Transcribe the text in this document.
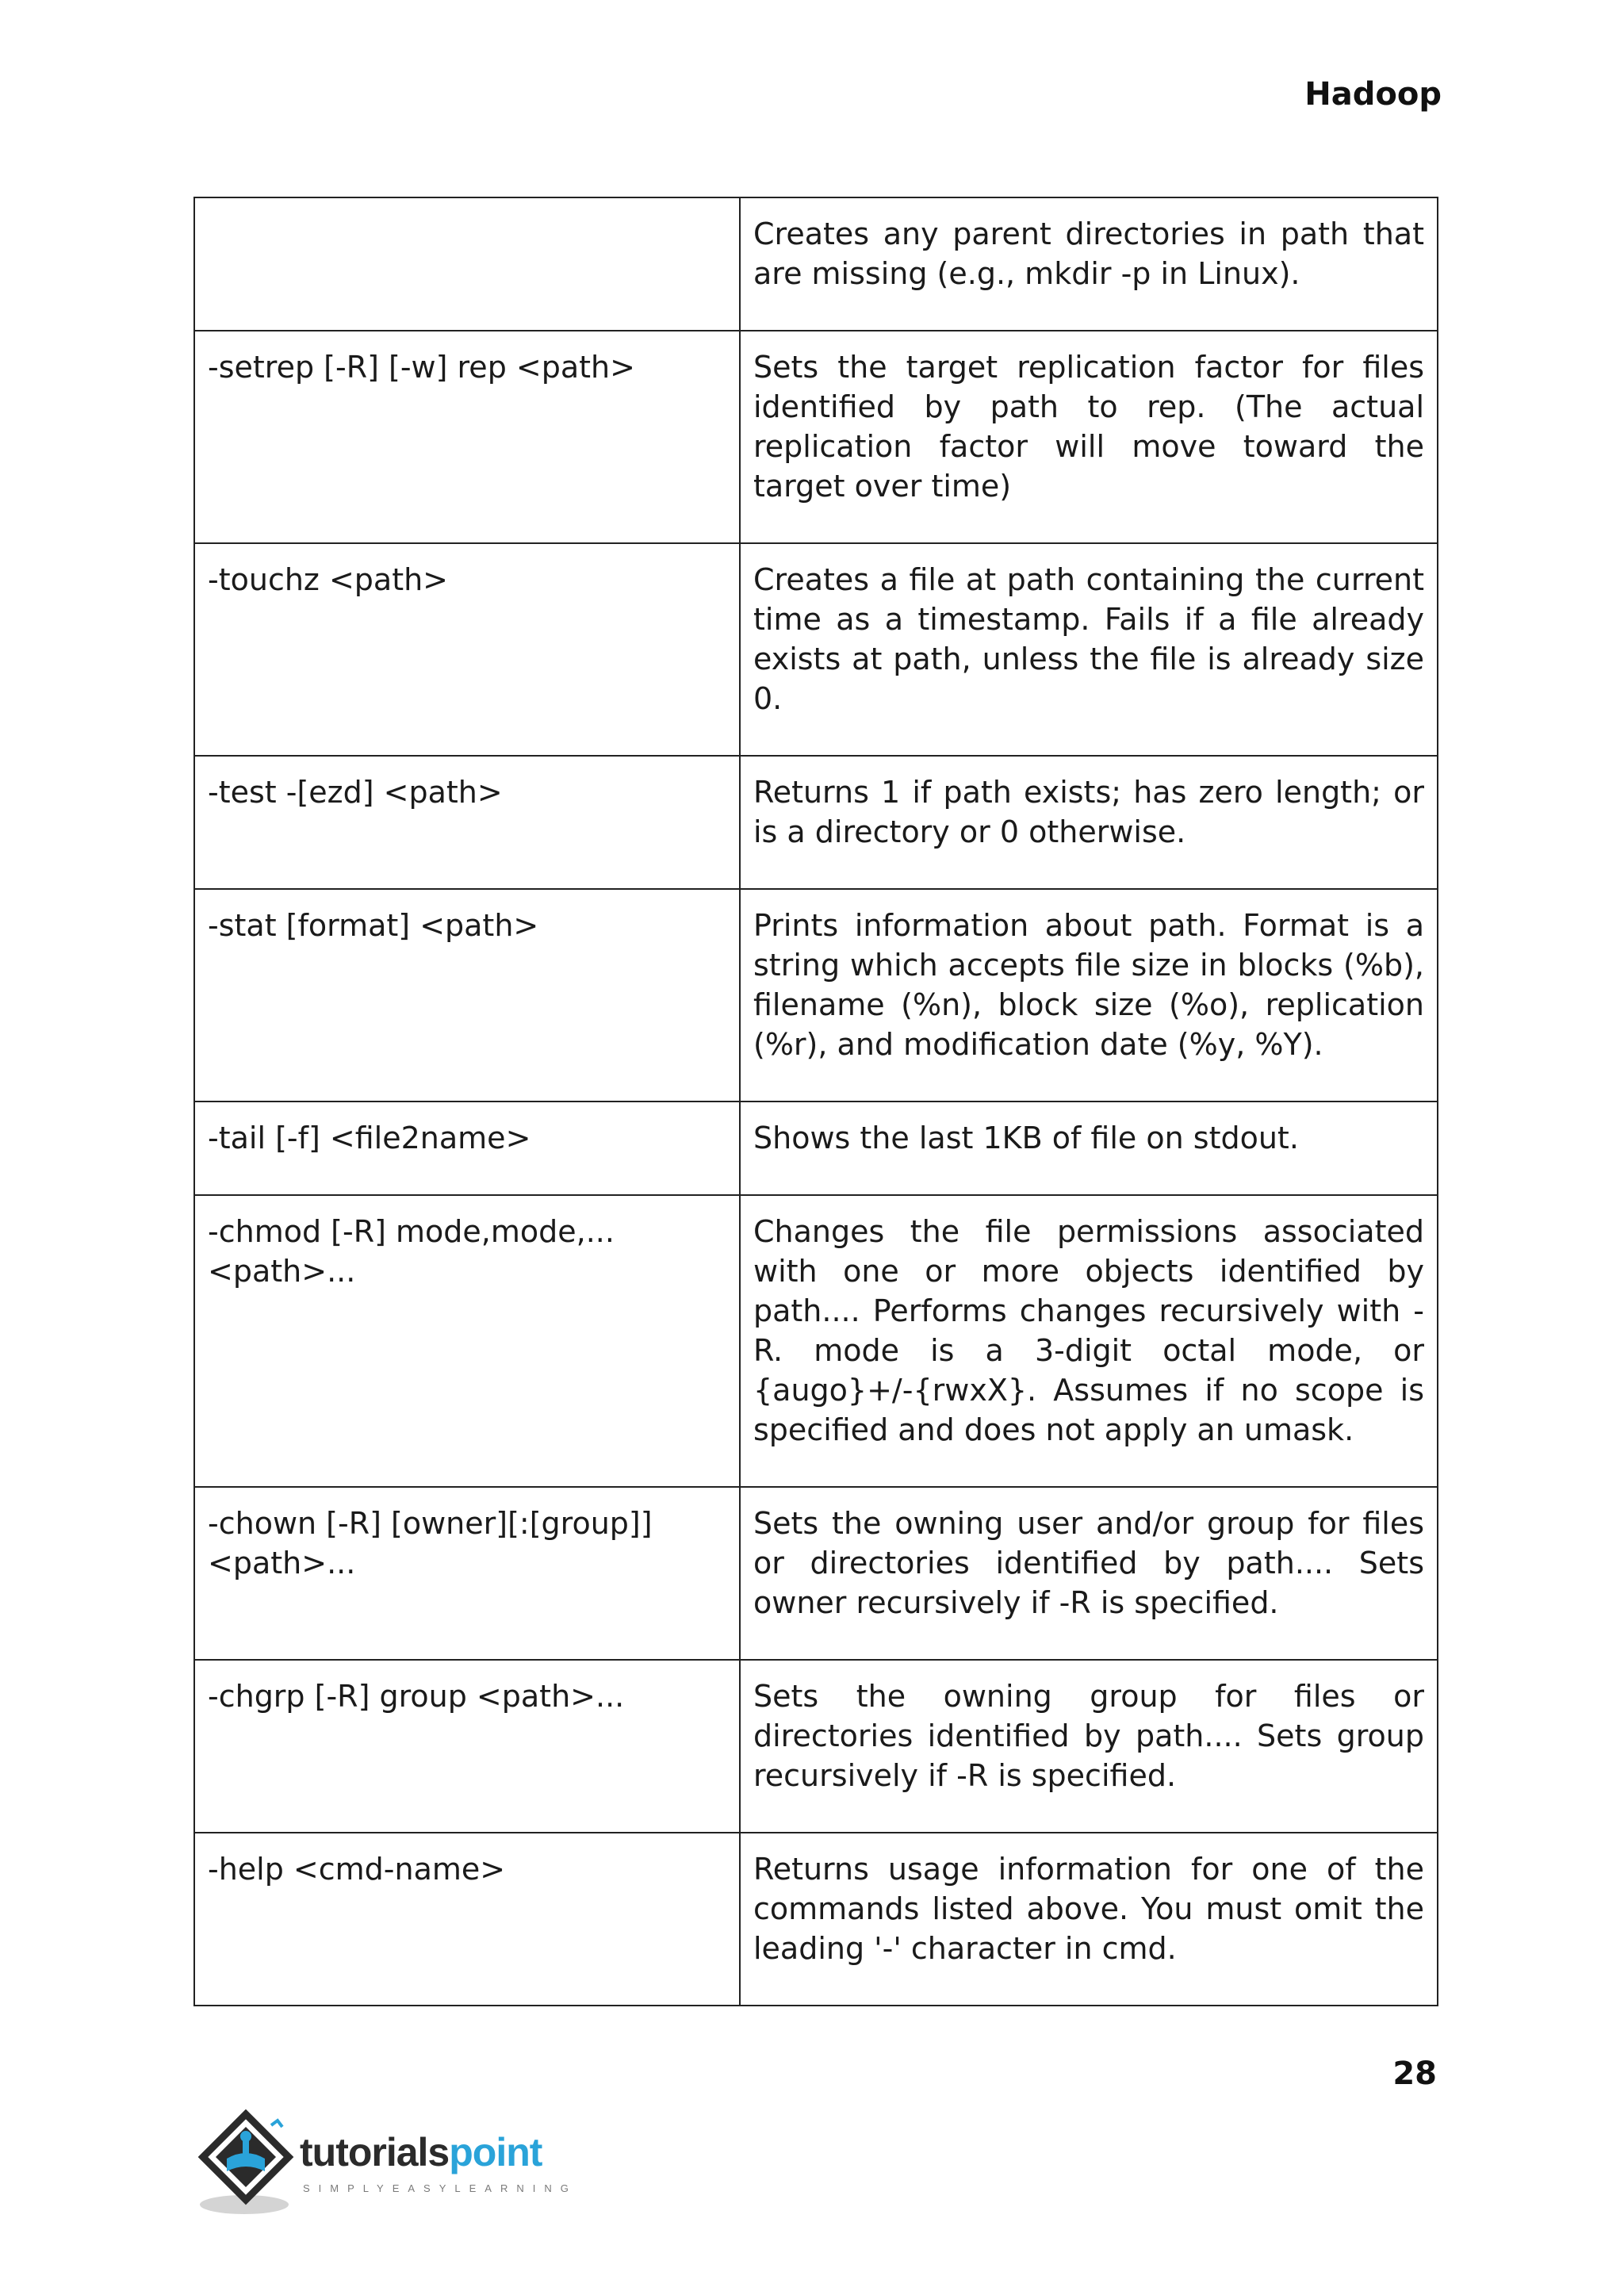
Hadoop
	Creates any parent directories in path that are missing (e.g., mkdir -p in Linux).
-setrep [-R] [-w] rep <path>	Sets the target replication factor for files identified by path to rep. (The actual replication factor will move toward the target over time)
-touchz <path>	Creates a file at path containing the current time as a timestamp. Fails if a file already exists at path, unless the file is already size 0.
-test -[ezd] <path>	Returns 1 if path exists; has zero length; or is a directory or 0 otherwise.
-stat [format] <path>	Prints information about path. Format is a string which accepts file size in blocks (%b), filename (%n), block size (%o), replication (%r), and modification date (%y, %Y).
-tail [-f] <file2name>	Shows the last 1KB of file on stdout.
-chmod [-R] mode,mode,...
<path>...	Changes the file permissions associated with one or more objects identified by path.... Performs changes recursively with -R. mode is a 3-digit octal mode, or {augo}+/-{rwxX}. Assumes if no scope is specified and does not apply an umask.
-chown [-R] [owner][:[group]]
<path>...	Sets the owning user and/or group for files or directories identified by path.... Sets owner recursively if -R is specified.
-chgrp [-R] group <path>...	Sets the owning group for files or directories identified by path.... Sets group recursively if -R is specified.
-help <cmd-name>	Returns usage information for one of the commands listed above. You must omit the leading '-' character in cmd.
28
tutorialspoint
SIMPLYEASYLEARNING
